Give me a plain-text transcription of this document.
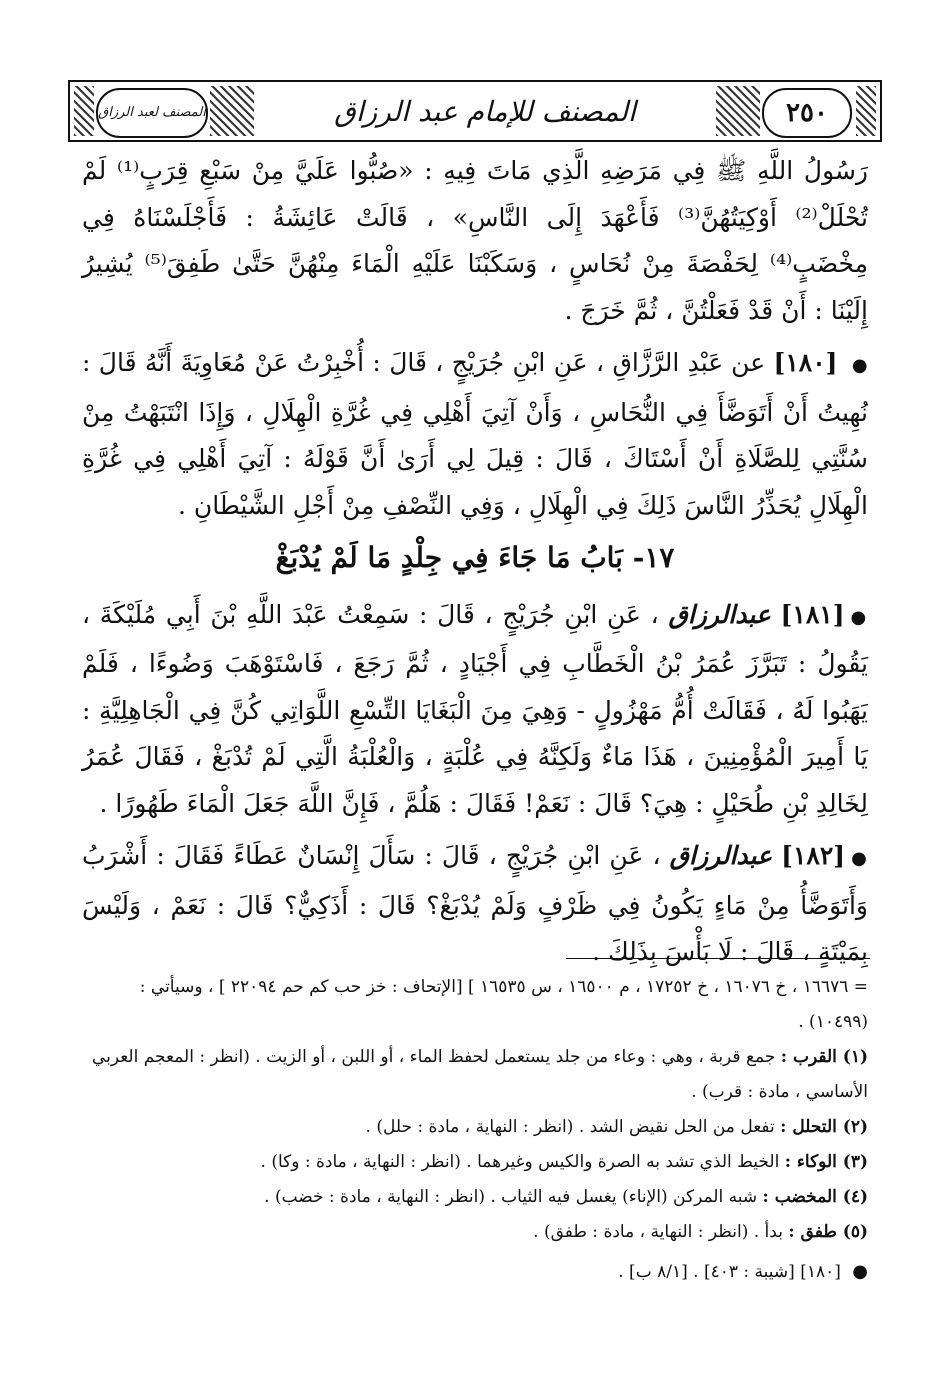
٢٥٠
المصنف للإمام عبد الرزاق
المصنف لعبد الرزاق

رَسُولُ اللَّهِ ﷺ فِي مَرَضِهِ الَّذِي مَاتَ فِيهِ : «صُبُّوا عَلَيَّ مِنْ سَبْعِ قِرَبٍ⁽¹⁾ لَمْ تُحْلَلْ⁽²⁾ أَوْكِيَتُهُنَّ⁽³⁾ فَأَعْهَدَ إِلَى النَّاسِ» ، قَالَتْ عَائِشَةُ : فَأَجْلَسْنَاهُ فِي مِخْضَبٍ⁽⁴⁾ لِحَفْصَةَ مِنْ نُحَاسٍ ، وَسَكَبْنَا عَلَيْهِ الْمَاءَ مِنْهُنَّ حَتَّىٰ طَفِقَ⁽⁵⁾ يُشِيرُ إِلَيْنَا : أَنْ قَدْ فَعَلْتُنَّ ، ثُمَّ خَرَجَ .

● [١٨٠] عن عَبْدِ الرَّزَّاقِ ، عَنِ ابْنِ جُرَيْجٍ ، قَالَ : أُخْبِرْتُ عَنْ مُعَاوِيَةَ أَنَّهُ قَالَ : نُهِيتُ أَنْ أَتَوَضَّأَ فِي النُّحَاسِ ، وَأَنْ آتِيَ أَهْلِي فِي غُرَّةِ الْهِلَالِ ، وَإِذَا انْتَبَهْتُ مِنْ سُنَّتِي لِلصَّلَاةِ أَنْ أَسْتَاكَ ، قَالَ : قِيلَ لِي أَرَىٰ أَنَّ قَوْلَهُ : آتِيَ أَهْلِي فِي غُرَّةِ الْهِلَالِ يُحَذِّرُ النَّاسَ ذَلِكَ فِي الْهِلَالِ ، وَفِي النِّصْفِ مِنْ أَجْلِ الشَّيْطَانِ .

١٧- بَابُ مَا جَاءَ فِي جِلْدٍ مَا لَمْ يُدْبَغْ

●[١٨١] عبدالرزاق ، عَنِ ابْنِ جُرَيْجٍ ، قَالَ : سَمِعْتُ عَبْدَ اللَّهِ بْنَ أَبِي مُلَيْكَةَ ، يَقُولُ : تَبَرَّزَ عُمَرُ بْنُ الْخَطَّابِ فِي أَجْيَادٍ ، ثُمَّ رَجَعَ ، فَاسْتَوْهَبَ وَضُوءًا ، فَلَمْ يَهَبُوا لَهُ ، فَقَالَتْ أُمُّ مَهْزُولٍ - وَهِيَ مِنَ الْبَغَايَا التِّسْعِ اللَّوَاتِي كُنَّ فِي الْجَاهِلِيَّةِ : يَا أَمِيرَ الْمُؤْمِنِينَ ، هَذَا مَاءٌ وَلَكِنَّهُ فِي عُلْبَةٍ ، وَالْعُلْبَةُ الَّتِي لَمْ تُدْبَغْ ، فَقَالَ عُمَرُ لِخَالِدِ بْنِ طُحَيْلٍ : هِيَ؟ قَالَ : نَعَمْ! فَقَالَ : هَلُمَّ ، فَإِنَّ اللَّهَ جَعَلَ الْمَاءَ طَهُورًا .

●[١٨٢] عبدالرزاق ، عَنِ ابْنِ جُرَيْجٍ ، قَالَ : سَأَلَ إِنْسَانٌ عَطَاءً فَقَالَ : أَشْرَبُ وَأَتَوَضَّأُ مِنْ مَاءٍ يَكُونُ فِي ظَرْفٍ وَلَمْ يُدْبَغْ؟ قَالَ : أَذَكِيٌّ؟ قَالَ : نَعَمْ ، وَلَيْسَ بِمَيْتَةٍ ، قَالَ : لَا بَأْسَ بِذَلِكَ .

= ١٦٦٧٦ ، خ ١٦٠٧٦ ، خ ١٧٢٥٢ ، م ١٦٥٠٠ ، س ١٦٥٣٥ ] [الإتحاف : خز حب كم حم ٢٢٠٩٤ ] ، وسيأتي : (١٠٤٩٩) .

(١) القرب : جمع قربة ، وهي : وعاء من جلد يستعمل لحفظ الماء ، أو اللبن ، أو الزيت . (انظر : المعجم العربي الأساسي ، مادة : قرب) .

(٢) التحلل : تفعل من الحل نقيض الشد . (انظر : النهاية ، مادة : حلل) .

(٣) الوكاء : الخيط الذي تشد به الصرة والكيس وغيرهما . (انظر : النهاية ، مادة : وكا) .

(٤) المخضب : شبه المركن (الإناء) يغسل فيه الثياب . (انظر : النهاية ، مادة : خضب) .

(٥) طفق : بدأ . (انظر : النهاية ، مادة : طفق) .

● [١٨٠] [شيبة : ٤٠٣] . [٨/١ ب] .
